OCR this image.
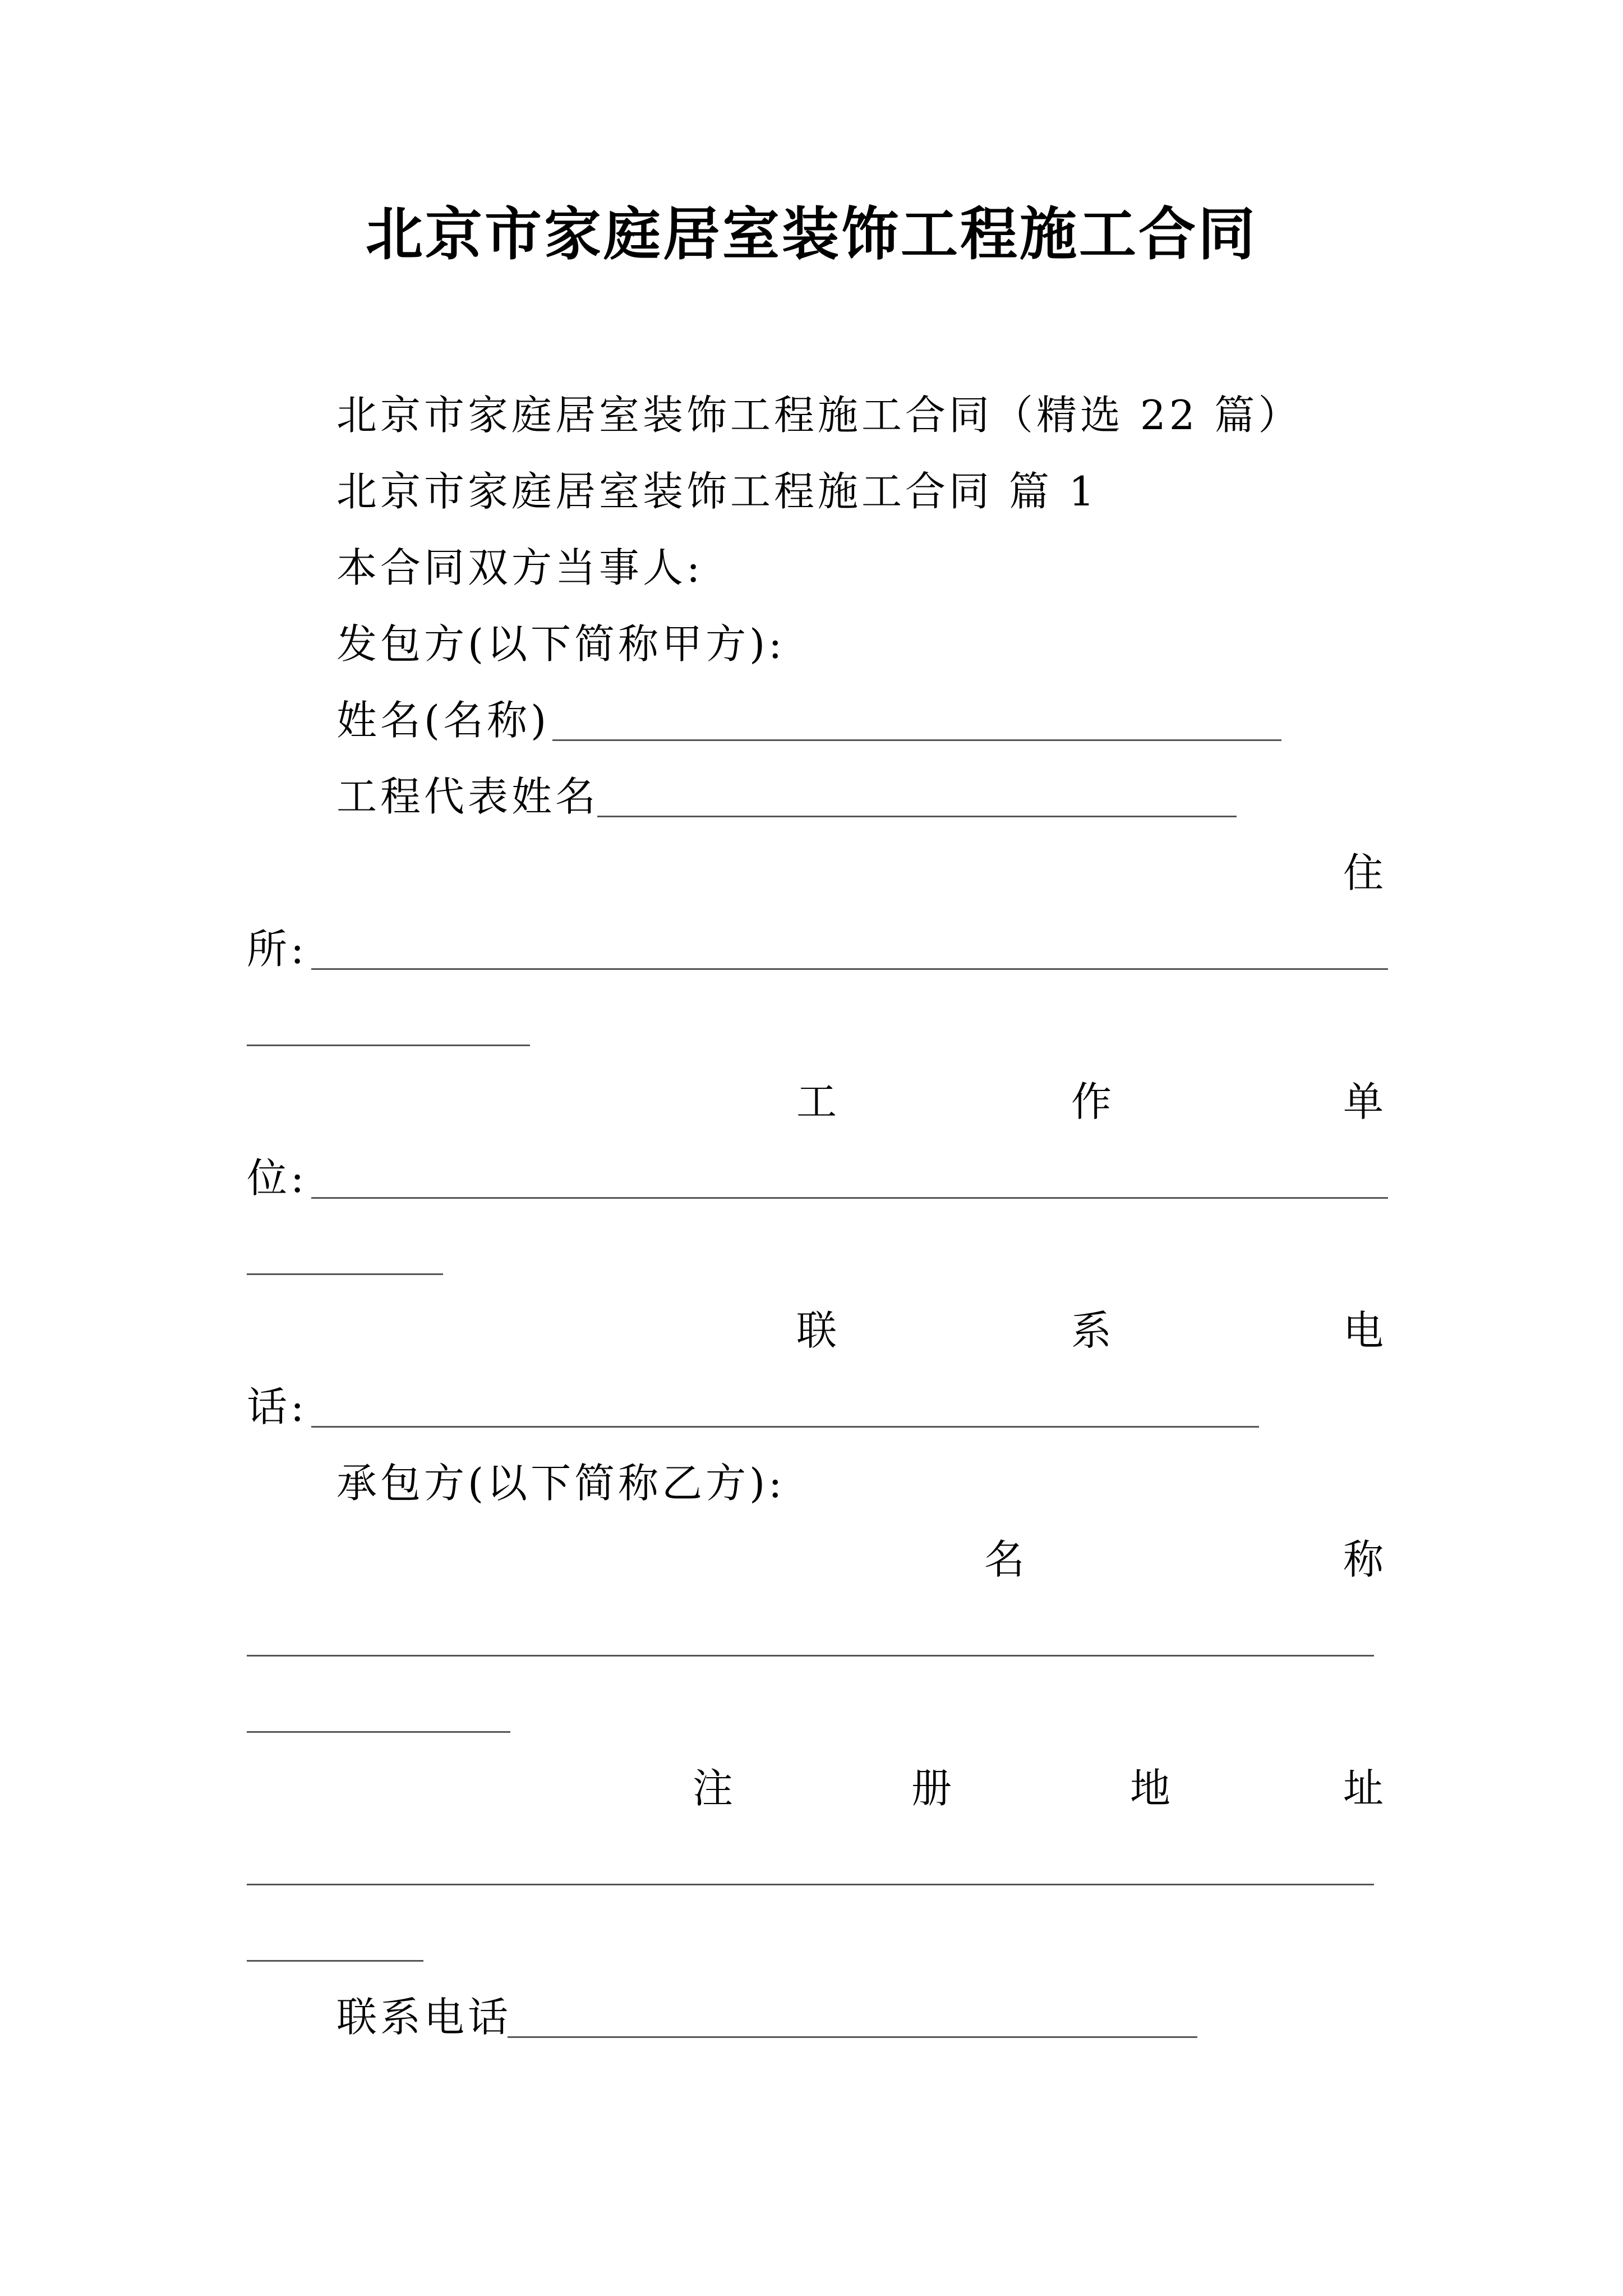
北京市家庭居室装饰工程施工合同
北京市家庭居室装饰工程施工合同（精选 22 篇）
北京市家庭居室装饰工程施工合同 篇 1
本合同双方当事人:
发包方(以下简称甲方):
姓名(名称)
工程代表姓名
住
所:
工	作	单
位:
联	系	电
话:
承包方(以下简称乙方):
名	称
注	册	地	址
联系电话
